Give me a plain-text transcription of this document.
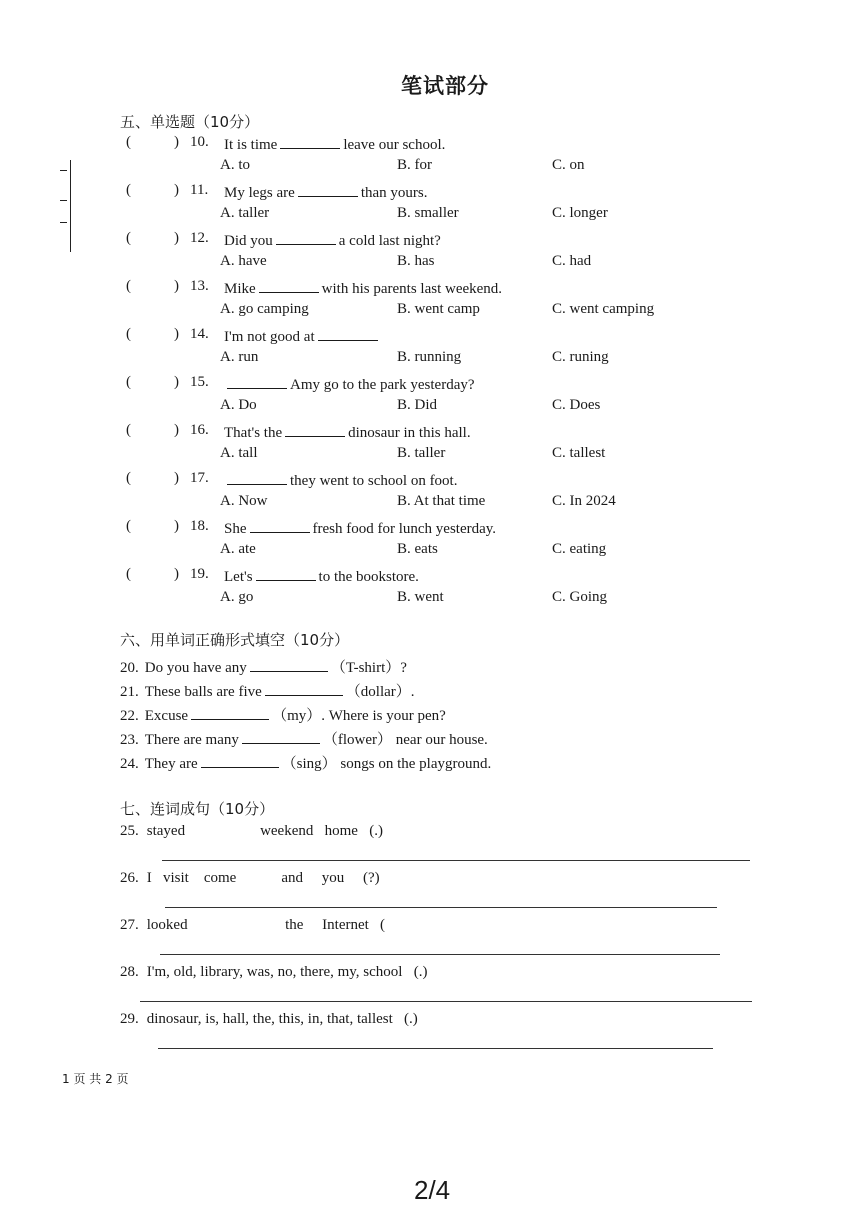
笔试部分
五、单选题（10分）
(	) 10. It is time	leave our school.
A. to	B. for	C. on
(	) 11. My legs are	than yours.
A. taller	B. smaller	C. longer
(	) 12. Did you	a cold last night?
A. have	B. has	C. had
(	) 13. Mike	with his parents last weekend.
A. go camping	B. went camp	C. went camping
(	) 14. I'm not good at
A. run	B. running	C. runing
(	) 15.	Amy go to the park yesterday?
A. Do	B. Did	C. Does
(	) 16. That's the	dinosaur in this hall.
A. tall	B. taller	C. tallest
(	) 17.	they went to school on foot.
A. Now	B. At that time	C. In 2024
(	) 18. She	fresh food for lunch yesterday.
A. ate	B. eats	C. eating
(	) 19. Let's	to the bookstore.
A. go	B. went	C. Going
六、用单词正确形式填空（10分）
20. Do you have any	（T-shirt）?
21. These balls are five	（dollar）.
22. Excuse	（my）. Where is your pen?
23. There are many	（flower） near our house.
24. They are	（sing） songs on the playground.
七、连词成句（10分）
25. stayed                    weekend   home   (.)
26. I   visit    come            and     you     (?)
27. looked                          the     Internet   (
28. I'm, old, library, was, no, there, my, school   (.)
29. dinosaur, is, hall, the, this, in, that, tallest   (.)
1 页 共 2 页
2/4
